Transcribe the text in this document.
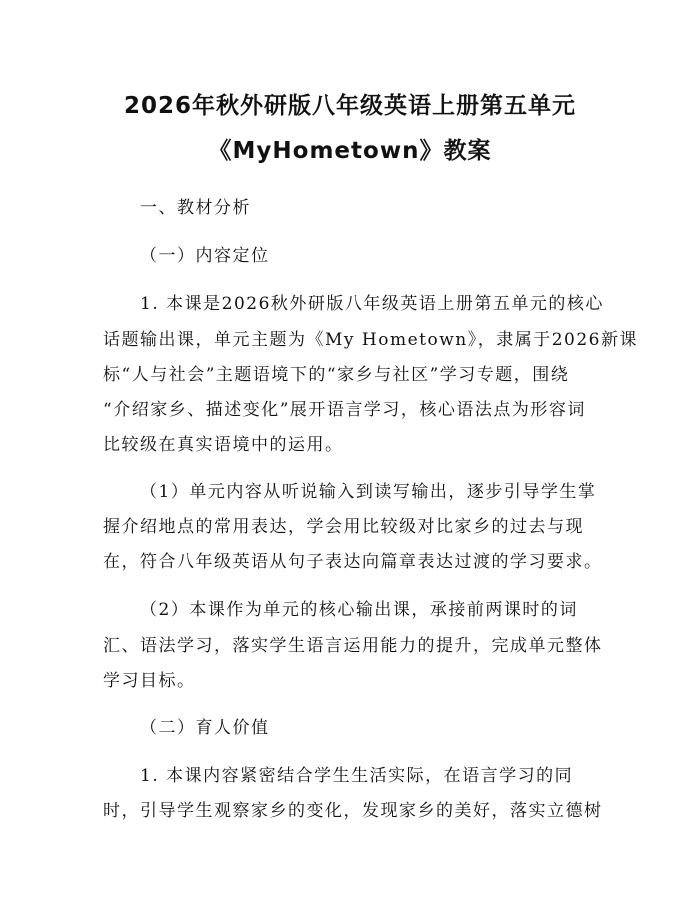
2026年秋外研版八年级英语上册第五单元
《MyHometown》教案
一、教材分析
（一）内容定位
1. 本课是2026秋外研版八年级英语上册第五单元的核心
话题输出课，单元主题为《My Hometown》，隶属于2026新课
标“人与社会”主题语境下的“家乡与社区”学习专题，围绕
“介绍家乡、描述变化”展开语言学习，核心语法点为形容词
比较级在真实语境中的运用。
（1）单元内容从听说输入到读写输出，逐步引导学生掌
握介绍地点的常用表达，学会用比较级对比家乡的过去与现
在，符合八年级英语从句子表达向篇章表达过渡的学习要求。
（2）本课作为单元的核心输出课，承接前两课时的词
汇、语法学习，落实学生语言运用能力的提升，完成单元整体
学习目标。
（二）育人价值
1. 本课内容紧密结合学生生活实际，在语言学习的同
时，引导学生观察家乡的变化，发现家乡的美好，落实立德树
